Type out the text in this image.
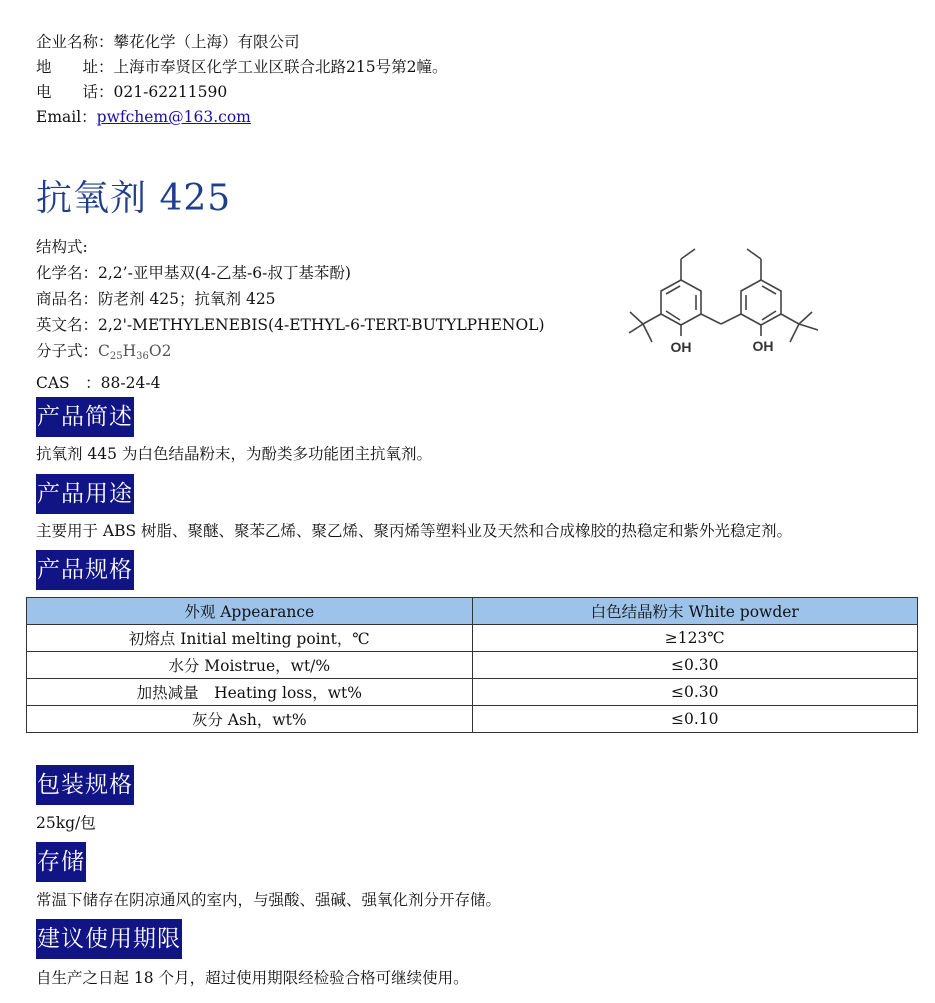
企业名称：攀花化学（上海）有限公司
地　　址：上海市奉贤区化学工业区联合北路215号第2幢。
电　　话：021-62211590
Email：pwfchem@163.com
抗氧剂 425
结构式:
化学名：2,2’-亚甲基双(4-乙基-6-叔丁基苯酚)
商品名：防老剂 425；抗氧剂 425
英文名：2,2'-METHYLENEBIS(4-ETHYL-6-TERT-BUTYLPHENOL)
分子式：$C_{25}H_{36}O2$
CAS　：88-24-4
OH	OH
产品简述
抗氧剂 445 为白色结晶粉末，为酚类多功能团主抗氧剂。
产品用途
主要用于 ABS 树脂、聚醚、聚苯乙烯、聚乙烯、聚丙烯等塑料业及天然和合成橡胶的热稳定和紫外光稳定剂。
产品规格
外观 Appearance	白色结晶粉末 White powder
初熔点 Initial melting point，℃	≥123℃
水分 Moistrue，wt/%	≤0.30
加热减量　Heating loss，wt%	≤0.30
灰分 Ash，wt%	≤0.10
包装规格
25kg/包
存储
常温下储存在阴凉通风的室内，与强酸、强碱、强氧化剂分开存储。
建议使用期限
自生产之日起 18 个月，超过使用期限经检验合格可继续使用。
